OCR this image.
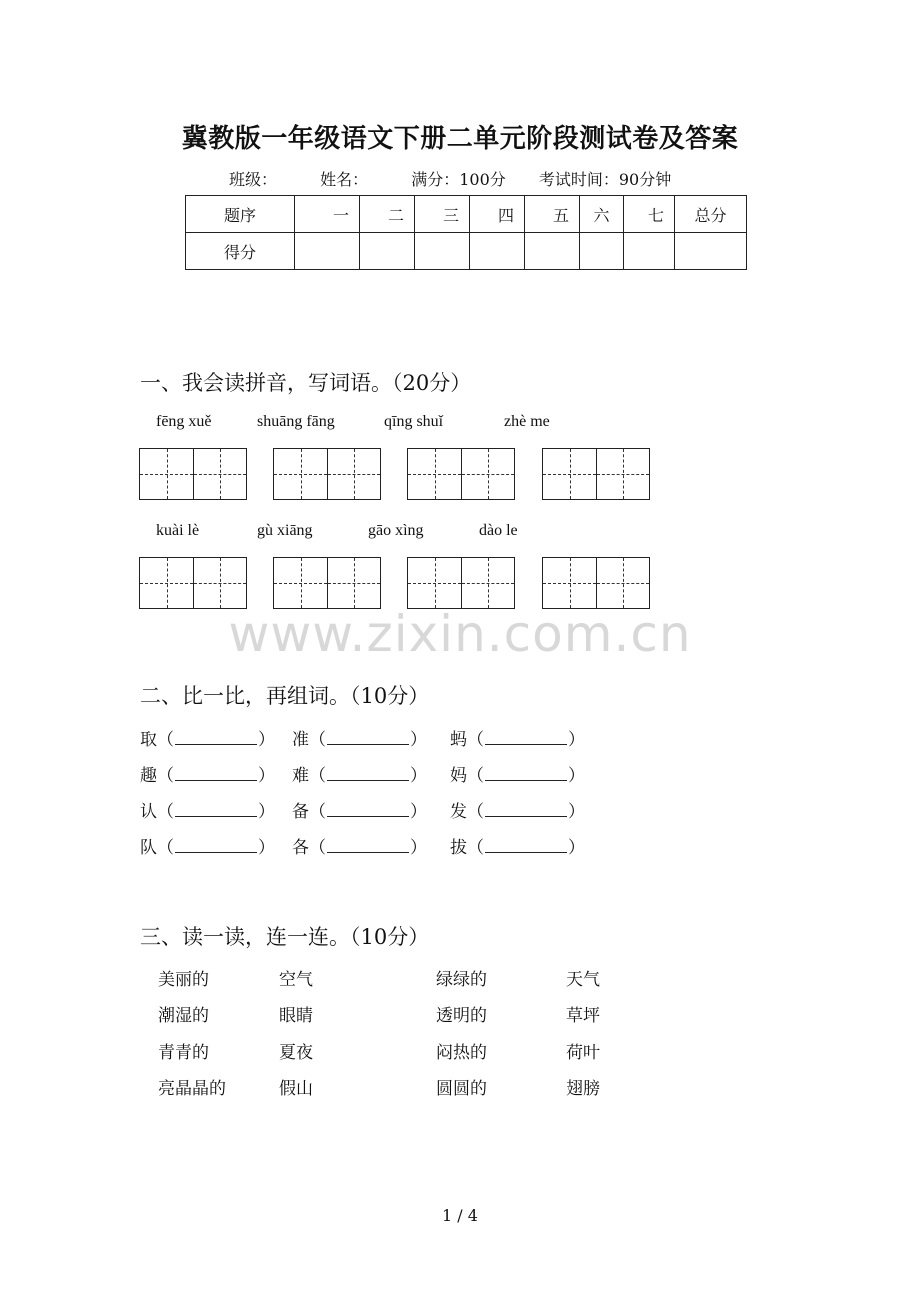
冀教版一年级语文下册二单元阶段测试卷及答案
班级：	姓名：	满分：100分 考试时间：90分钟
题序	一	二	三	四	五	六	七	总分
得分								
一、我会读拼音，写词语。（20分）
fēng xuě	shuāng fāng	qīng shuǐ	zhè me
kuài lè	gù xiāng	gāo xìng	dào le
www.zixin.com.cn
二、比一比，再组词。（10分）
取（	） 准（	） 蚂（	）
趣（	） 难（	） 妈（	）
认（	） 备（	） 发（	）
队（	） 各（	） 拔（	）
三、读一读，连一连。（10分）
美丽的	空气	绿绿的	天气
潮湿的	眼睛	透明的	草坪
青青的	夏夜	闷热的	荷叶
亮晶晶的	假山	圆圆的	翅膀
1 / 4
